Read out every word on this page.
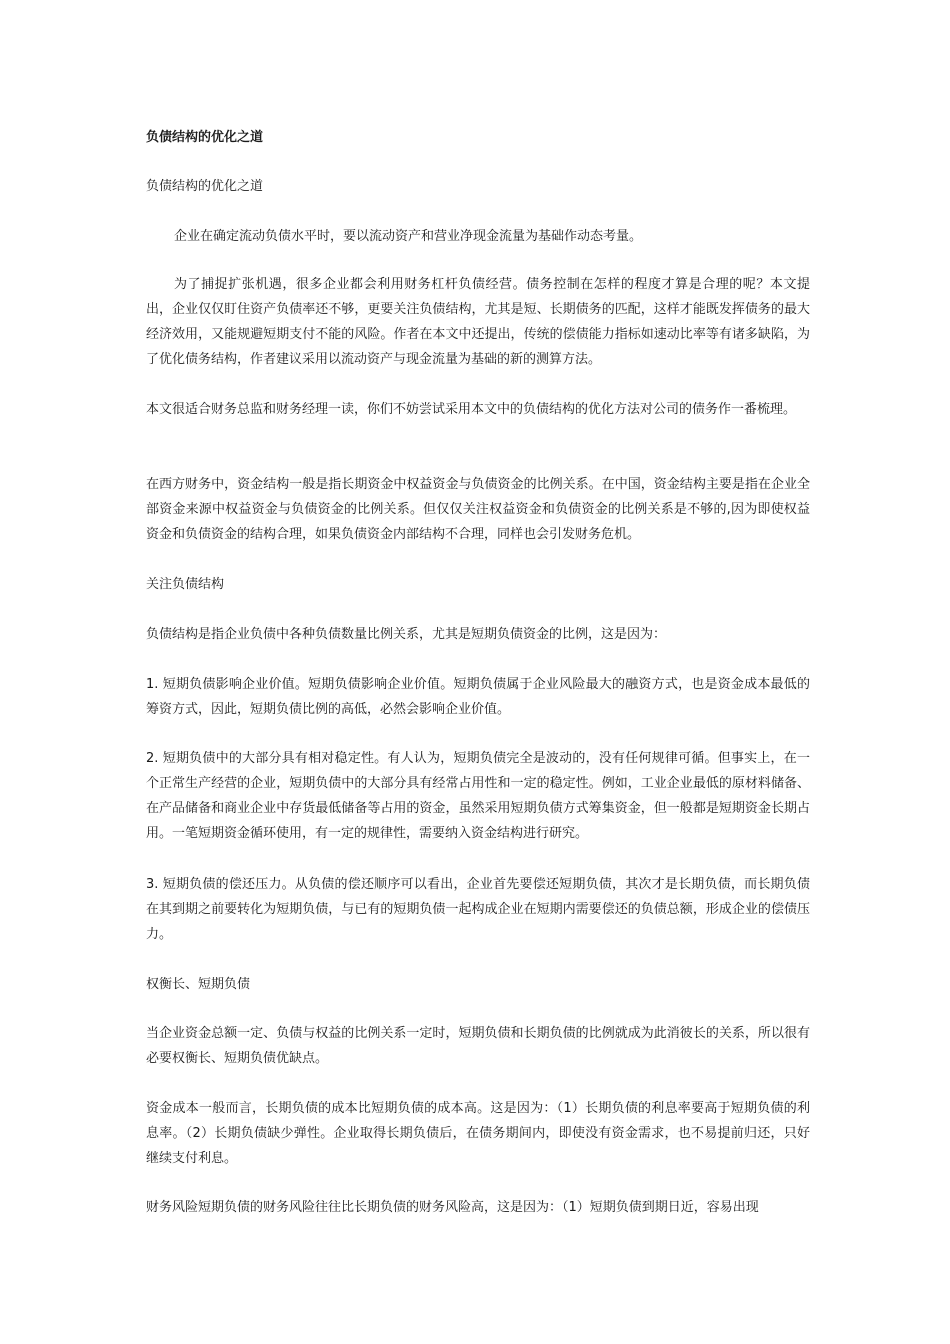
负债结构的优化之道

负债结构的优化之道

企业在确定流动负债水平时，要以流动资产和营业净现金流量为基础作动态考量。

为了捕捉扩张机遇，很多企业都会利用财务杠杆负债经营。债务控制在怎样的程度才算是合理的呢？本文提出，企业仅仅盯住资产负债率还不够，更要关注负债结构，尤其是短、长期债务的匹配，这样才能既发挥债务的最大经济效用，又能规避短期支付不能的风险。作者在本文中还提出，传统的偿债能力指标如速动比率等有诸多缺陷，为了优化债务结构，作者建议采用以流动资产与现金流量为基础的新的测算方法。

本文很适合财务总监和财务经理一读，你们不妨尝试采用本文中的负债结构的优化方法对公司的债务作一番梳理。

在西方财务中，资金结构一般是指长期资金中权益资金与负债资金的比例关系。在中国，资金结构主要是指在企业全部资金来源中权益资金与负债资金的比例关系。但仅仅关注权益资金和负债资金的比例关系是不够的,因为即使权益资金和负债资金的结构合理，如果负债资金内部结构不合理，同样也会引发财务危机。

关注负债结构

负债结构是指企业负债中各种负债数量比例关系，尤其是短期负债资金的比例，这是因为：

1. 短期负债影响企业价值。短期负债影响企业价值。短期负债属于企业风险最大的融资方式，也是资金成本最低的筹资方式，因此，短期负债比例的高低，必然会影响企业价值。

2. 短期负债中的大部分具有相对稳定性。有人认为，短期负债完全是波动的，没有任何规律可循。但事实上，在一个正常生产经营的企业，短期负债中的大部分具有经常占用性和一定的稳定性。例如，工业企业最低的原材料储备、在产品储备和商业企业中存货最低储备等占用的资金，虽然采用短期负债方式筹集资金，但一般都是短期资金长期占用。一笔短期资金循环使用，有一定的规律性，需要纳入资金结构进行研究。

3. 短期负债的偿还压力。从负债的偿还顺序可以看出，企业首先要偿还短期负债，其次才是长期负债，而长期负债在其到期之前要转化为短期负债，与已有的短期负债一起构成企业在短期内需要偿还的负债总额，形成企业的偿债压力。

权衡长、短期负债

当企业资金总额一定、负债与权益的比例关系一定时，短期负债和长期负债的比例就成为此消彼长的关系，所以很有必要权衡长、短期负债优缺点。

资金成本一般而言，长期负债的成本比短期负债的成本高。这是因为：（1）长期负债的利息率要高于短期负债的利息率。（2）长期负债缺少弹性。企业取得长期负债后，在债务期间内，即使没有资金需求，也不易提前归还，只好继续支付利息。

财务风险短期负债的财务风险往往比长期负债的财务风险高，这是因为：（1）短期负债到期日近，容易出现
